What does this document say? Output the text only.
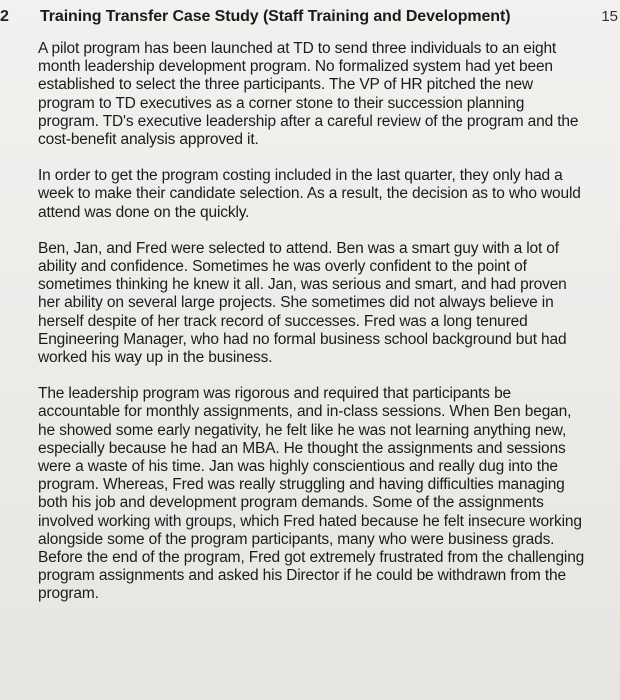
2 Training Transfer Case Study (Staff Training and Development)	15

A pilot program has been launched at TD to send three individuals to an eight month leadership development program. No formalized system had yet been established to select the three participants. The VP of HR pitched the new program to TD executives as a corner stone to their succession planning program. TD's executive leadership after a careful review of the program and the cost-benefit analysis approved it.

In order to get the program costing included in the last quarter, they only had a week to make their candidate selection. As a result, the decision as to who would attend was done on the quickly.

Ben, Jan, and Fred were selected to attend. Ben was a smart guy with a lot of ability and confidence. Sometimes he was overly confident to the point of sometimes thinking he knew it all. Jan, was serious and smart, and had proven her ability on several large projects. She sometimes did not always believe in herself despite of her track record of successes. Fred was a long tenured Engineering Manager, who had no formal business school background but had worked his way up in the business.

The leadership program was rigorous and required that participants be accountable for monthly assignments, and in-class sessions. When Ben began, he showed some early negativity, he felt like he was not learning anything new, especially because he had an MBA. He thought the assignments and sessions were a waste of his time. Jan was highly conscientious and really dug into the program. Whereas, Fred was really struggling and having difficulties managing both his job and development program demands. Some of the assignments involved working with groups, which Fred hated because he felt insecure working alongside some of the program participants, many who were business grads. Before the end of the program, Fred got extremely frustrated from the challenging program assignments and asked his Director if he could be withdrawn from the program.
